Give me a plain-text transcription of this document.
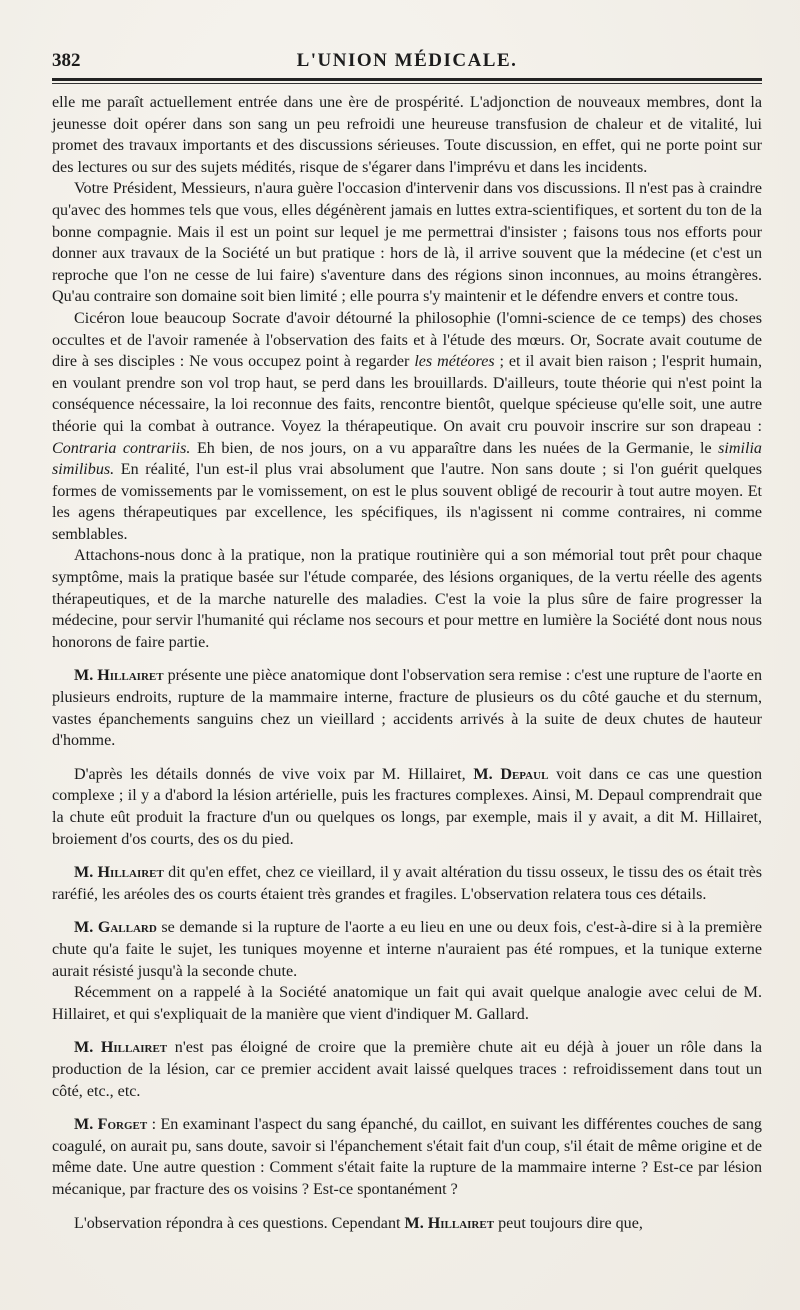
382	L'UNION MÉDICALE.

elle me paraît actuellement entrée dans une ère de prospérité. L'adjonction de nouveaux membres, dont la jeunesse doit opérer dans son sang un peu refroidi une heureuse transfusion de chaleur et de vitalité, lui promet des travaux importants et des discussions sérieuses. Toute discussion, en effet, qui ne porte point sur des lectures ou sur des sujets médités, risque de s'égarer dans l'imprévu et dans les incidents.

Votre Président, Messieurs, n'aura guère l'occasion d'intervenir dans vos discussions. Il n'est pas à craindre qu'avec des hommes tels que vous, elles dégénèrent jamais en luttes extra-scientifiques, et sortent du ton de la bonne compagnie. Mais il est un point sur lequel je me permettrai d'insister ; faisons tous nos efforts pour donner aux travaux de la Société un but pratique : hors de là, il arrive souvent que la médecine (et c'est un reproche que l'on ne cesse de lui faire) s'aventure dans des régions sinon inconnues, au moins étrangères. Qu'au contraire son domaine soit bien limité ; elle pourra s'y maintenir et le défendre envers et contre tous.

Cicéron loue beaucoup Socrate d'avoir détourné la philosophie (l'omni-science de ce temps) des choses occultes et de l'avoir ramenée à l'observation des faits et à l'étude des mœurs. Or, Socrate avait coutume de dire à ses disciples : Ne vous occupez point à regarder les météores ; et il avait bien raison ; l'esprit humain, en voulant prendre son vol trop haut, se perd dans les brouillards. D'ailleurs, toute théorie qui n'est point la conséquence nécessaire, la loi reconnue des faits, rencontre bientôt, quelque spécieuse qu'elle soit, une autre théorie qui la combat à outrance. Voyez la thérapeutique. On avait cru pouvoir inscrire sur son drapeau : Contraria contrariis. Eh bien, de nos jours, on a vu apparaître dans les nuées de la Germanie, le similia similibus. En réalité, l'un est-il plus vrai absolument que l'autre. Non sans doute ; si l'on guérit quelques formes de vomissements par le vomissement, on est le plus souvent obligé de recourir à tout autre moyen. Et les agens thérapeutiques par excellence, les spécifiques, ils n'agissent ni comme contraires, ni comme semblables.

Attachons-nous donc à la pratique, non la pratique routinière qui a son mémorial tout prêt pour chaque symptôme, mais la pratique basée sur l'étude comparée, des lésions organiques, de la vertu réelle des agents thérapeutiques, et de la marche naturelle des maladies. C'est la voie la plus sûre de faire progresser la médecine, pour servir l'humanité qui réclame nos secours et pour mettre en lumière la Société dont nous nous honorons de faire partie.

M. Hillairet présente une pièce anatomique dont l'observation sera remise : c'est une rupture de l'aorte en plusieurs endroits, rupture de la mammaire interne, fracture de plusieurs os du côté gauche et du sternum, vastes épanchements sanguins chez un vieillard ; accidents arrivés à la suite de deux chutes de hauteur d'homme.

D'après les détails donnés de vive voix par M. Hillairet, M. Depaul voit dans ce cas une question complexe ; il y a d'abord la lésion artérielle, puis les fractures complexes. Ainsi, M. Depaul comprendrait que la chute eût produit la fracture d'un ou quelques os longs, par exemple, mais il y avait, a dit M. Hillairet, broiement d'os courts, des os du pied.

M. Hillairet dit qu'en effet, chez ce vieillard, il y avait altération du tissu osseux, le tissu des os était très raréfié, les aréoles des os courts étaient très grandes et fragiles. L'observation relatera tous ces détails.

M. Gallard se demande si la rupture de l'aorte a eu lieu en une ou deux fois, c'est-à-dire si à la première chute qu'a faite le sujet, les tuniques moyenne et interne n'auraient pas été rompues, et la tunique externe aurait résisté jusqu'à la seconde chute.

Récemment on a rappelé à la Société anatomique un fait qui avait quelque analogie avec celui de M. Hillairet, et qui s'expliquait de la manière que vient d'indiquer M. Gallard.

M. Hillairet n'est pas éloigné de croire que la première chute ait eu déjà à jouer un rôle dans la production de la lésion, car ce premier accident avait laissé quelques traces : refroidissement dans tout un côté, etc., etc.

M. Forget : En examinant l'aspect du sang épanché, du caillot, en suivant les différentes couches de sang coagulé, on aurait pu, sans doute, savoir si l'épanchement s'était fait d'un coup, s'il était de même origine et de même date. Une autre question : Comment s'était faite la rupture de la mammaire interne ? Est-ce par lésion mécanique, par fracture des os voisins ? Est-ce spontanément ?

L'observation répondra à ces questions. Cependant M. Hillairet peut toujours dire que,
